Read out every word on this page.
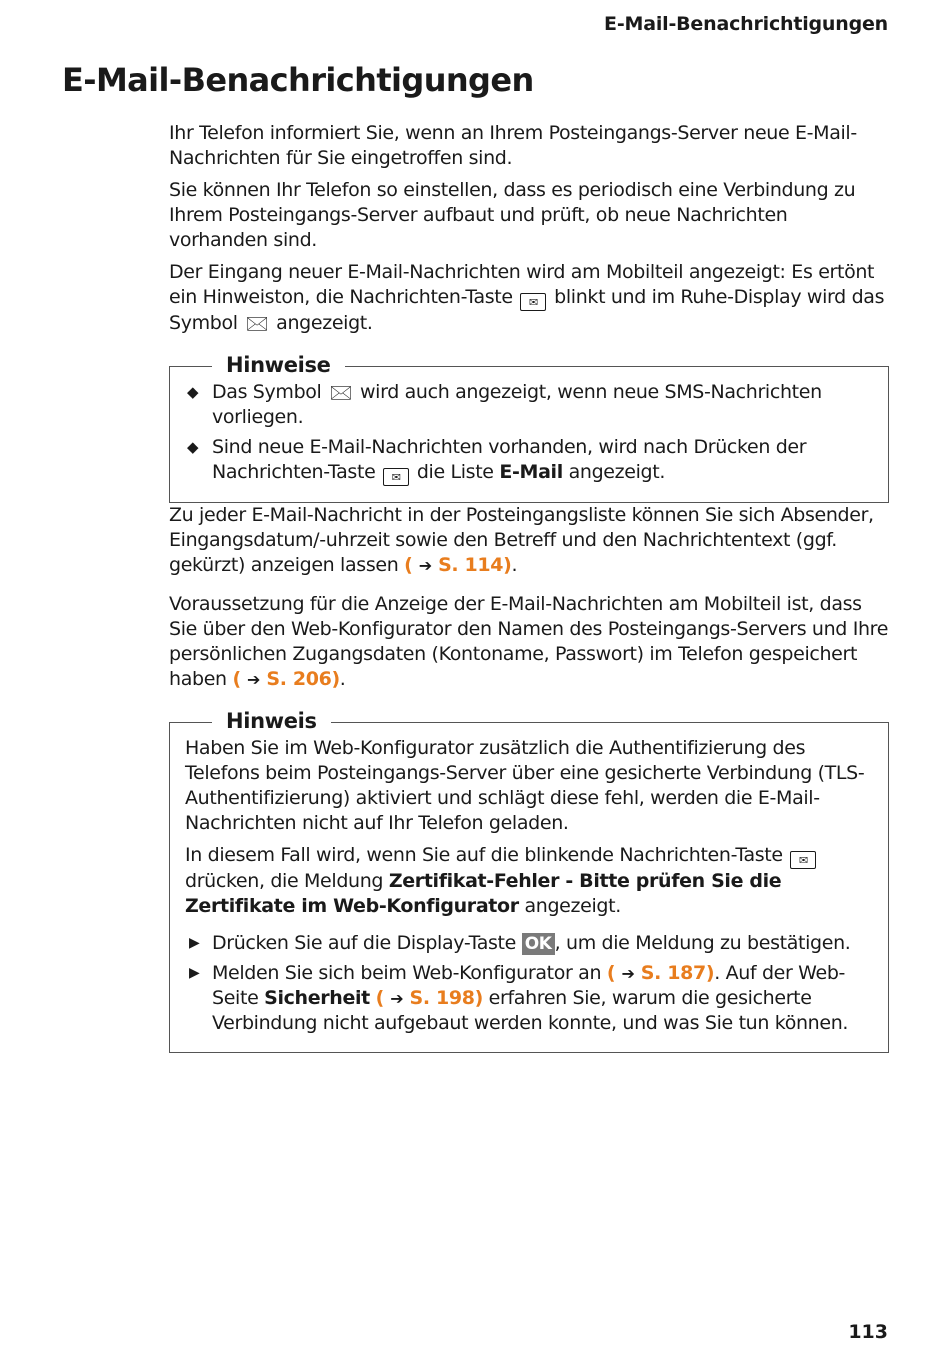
E-Mail-Benachrichtigungen
E-Mail-Benachrichtigungen

Ihr Telefon informiert Sie, wenn an Ihrem Posteingangs-Server neue E-Mail-Nachrichten für Sie eingetroffen sind.

Sie können Ihr Telefon so einstellen, dass es periodisch eine Verbindung zu Ihrem Posteingangs-Server aufbaut und prüft, ob neue Nachrichten vorhanden sind.

Der Eingang neuer E-Mail-Nachrichten wird am Mobilteil angezeigt: Es ertönt ein Hinweiston, die Nachrichten-Taste ✉ blinkt und im Ruhe-Display wird das Symbol 🖂 angezeigt.

Hinweise
◆ Das Symbol 🖂 wird auch angezeigt, wenn neue SMS-Nachrichten vorliegen.
◆ Sind neue E-Mail-Nachrichten vorhanden, wird nach Drücken der Nachrichten-Taste ✉ die Liste E-Mail angezeigt.

Zu jeder E-Mail-Nachricht in der Posteingangsliste können Sie sich Absender, Eingangsdatum/-uhrzeit sowie den Betreff und den Nachrichtentext (ggf. gekürzt) anzeigen lassen ( ➔ S. 114).

Voraussetzung für die Anzeige der E-Mail-Nachrichten am Mobilteil ist, dass Sie über den Web-Konfigurator den Namen des Posteingangs-Servers und Ihre persönlichen Zugangsdaten (Kontoname, Passwort) im Telefon gespeichert haben ( ➔ S. 206).

Hinweis

Haben Sie im Web-Konfigurator zusätzlich die Authentifizierung des Telefons beim Posteingangs-Server über eine gesicherte Verbindung (TLS-Authentifizierung) aktiviert und schlägt diese fehl, werden die E-Mail-Nachrichten nicht auf Ihr Telefon geladen.

In diesem Fall wird, wenn Sie auf die blinkende Nachrichten-Taste ✉ drücken, die Meldung Zertifikat-Fehler - Bitte prüfen Sie die Zertifikate im Web-Konfigurator angezeigt.

▶ Drücken Sie auf die Display-Taste OK , um die Meldung zu bestätigen.
▶ Melden Sie sich beim Web-Konfigurator an ( ➔ S. 187). Auf der Web-Seite Sicherheit ( ➔ S. 198) erfahren Sie, warum die gesicherte Verbindung nicht aufgebaut werden konnte, und was Sie tun können.
113
